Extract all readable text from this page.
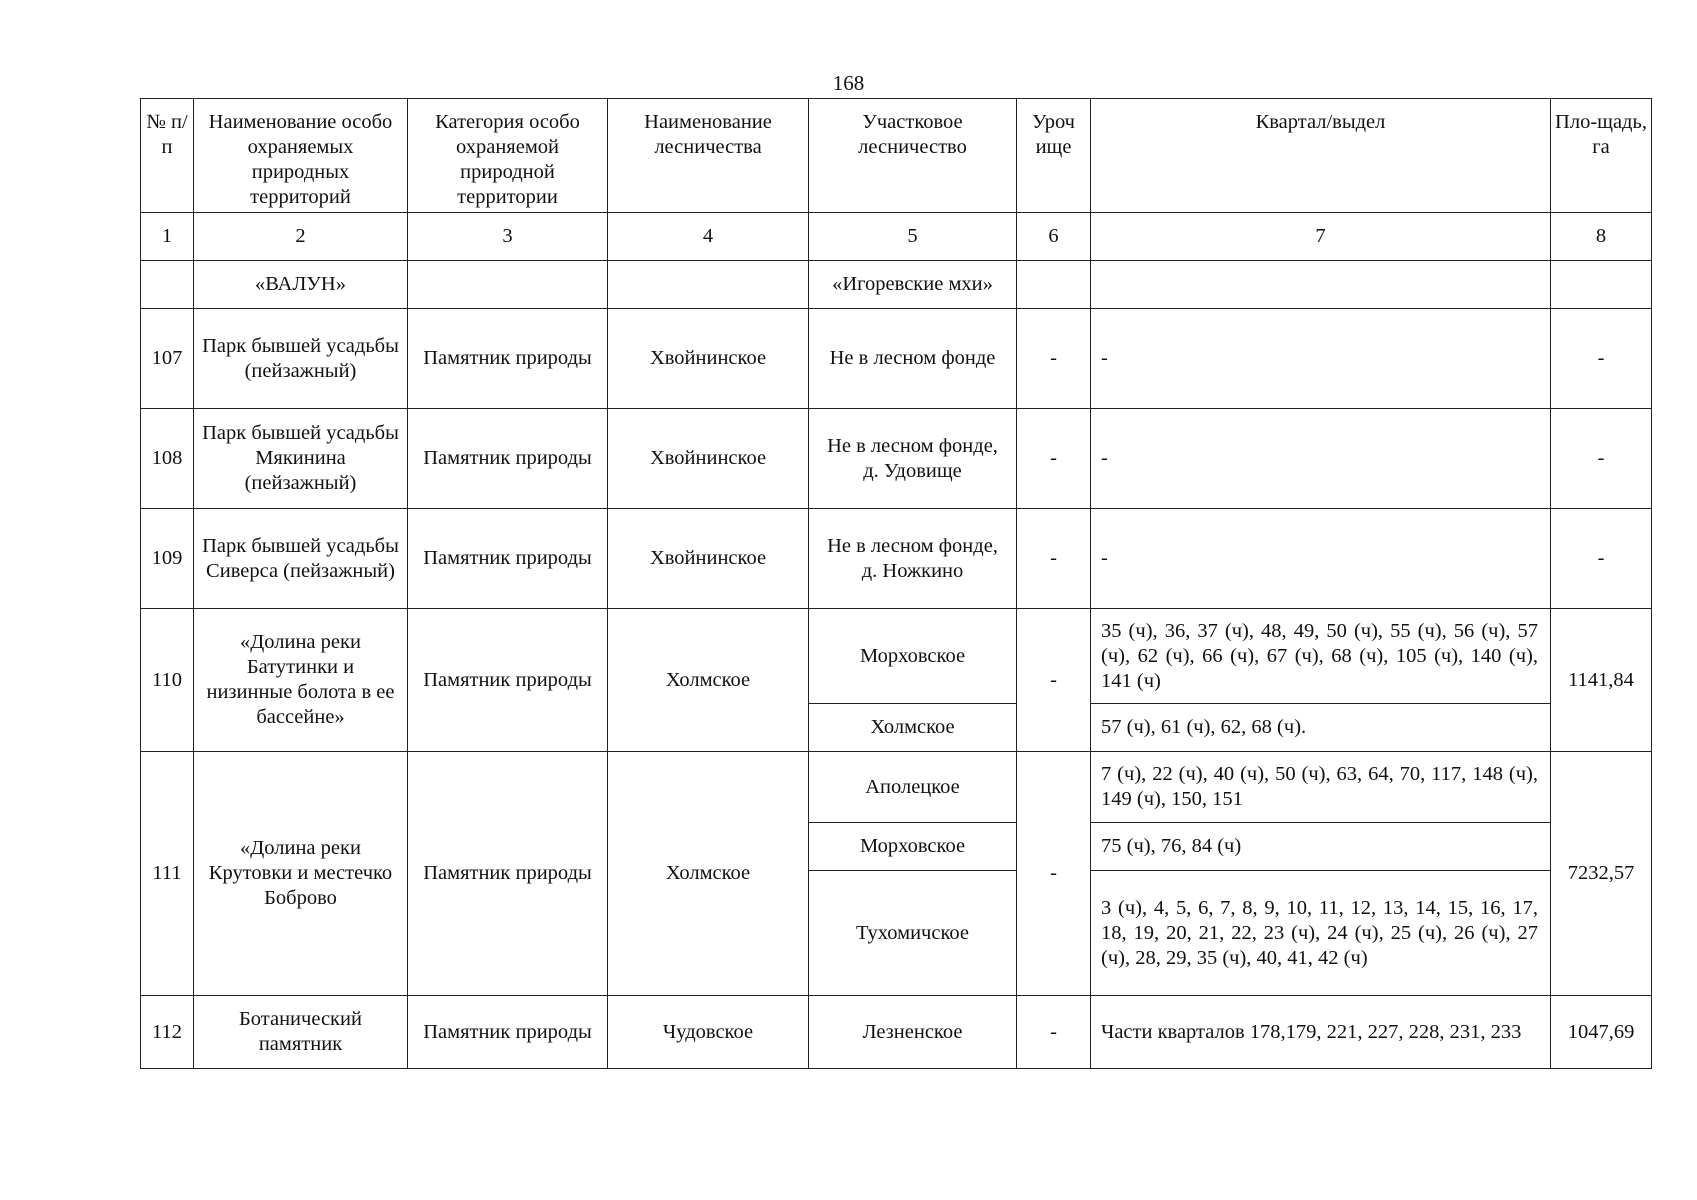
168
№ п/п	Наименование особо охраняемых природных территорий	Категория особо охраняемой природной территории	Наименование лесничества	Участковое лесничество	Уроч ище	Квартал/выдел	Пло-щадь, га
1	2	3	4	5	6	7	8
	«ВАЛУН»			«Игоревские мхи»			
107	Парк бывшей усадьбы (пейзажный)	Памятник природы	Хвойнинское	Не в лесном фонде	-	-	-
108	Парк бывшей усадьбы Мякинина (пейзажный)	Памятник природы	Хвойнинское	Не в лесном фонде, д. Удовище	-	-	-
109	Парк бывшей усадьбы Сиверса (пейзажный)	Памятник природы	Хвойнинское	Не в лесном фонде, д. Ножкино	-	-	-
110	«Долина реки Батутинки и низинные болота в ее бассейне»	Памятник природы	Холмское	Морховское	-	35 (ч), 36, 37 (ч), 48, 49, 50 (ч), 55 (ч), 56 (ч), 57 (ч), 62 (ч), 66 (ч), 67 (ч), 68 (ч), 105 (ч), 140 (ч), 141 (ч)	1141,84
				Холмское		57 (ч), 61 (ч), 62, 68 (ч).	
111	«Долина реки Крутовки и местечко Боброво	Памятник природы	Холмское	Аполецкое	-	7 (ч), 22 (ч), 40 (ч), 50 (ч), 63, 64, 70, 117, 148 (ч), 149 (ч), 150, 151	7232,57
				Морховское		75 (ч), 76, 84 (ч)	
				Тухомичское		3 (ч), 4, 5, 6, 7, 8, 9, 10, 11, 12, 13, 14, 15, 16, 17, 18, 19, 20, 21, 22, 23 (ч), 24 (ч), 25 (ч), 26 (ч), 27 (ч), 28, 29, 35 (ч), 40, 41, 42 (ч)	
112	Ботанический памятник	Памятник природы	Чудовское	Лезненское	-	Части кварталов 178,179, 221, 227, 228, 231, 233	1047,69
